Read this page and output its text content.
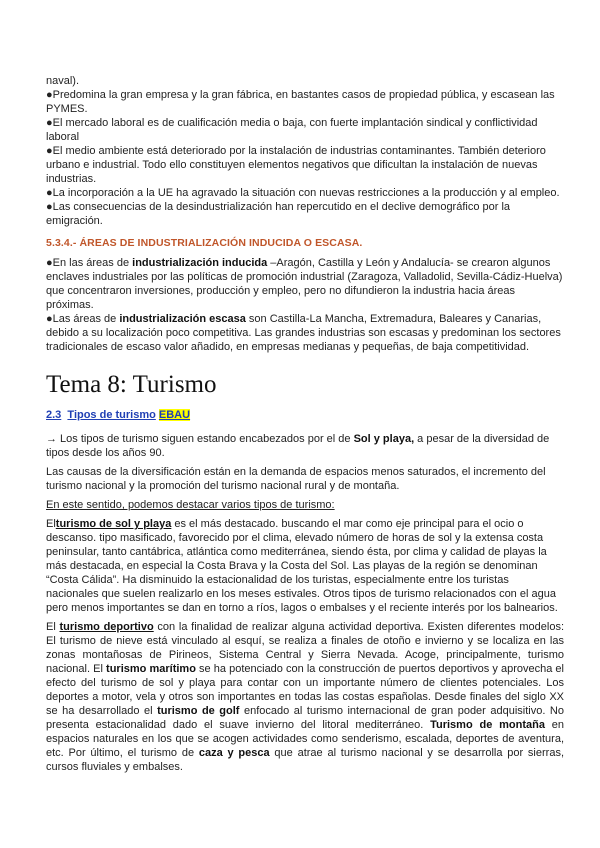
naval).

●Predomina la gran empresa y la gran fábrica, en bastantes casos de propiedad pública, y escasean las
PYMES.

●El mercado laboral es de cualificación media o baja, con fuerte implantación sindical y conflictividad
laboral

●El medio ambiente está deteriorado por la instalación de industrias contaminantes. También deterioro
urbano e industrial. Todo ello constituyen elementos negativos que dificultan la instalación de nuevas
industrias.

●La incorporación a la UE ha agravado la situación con nuevas restricciones a la producción y al empleo.

●Las consecuencias de la desindustrialización han repercutido en el declive demográfico por la
emigración.

5.3.4.- ÁREAS DE INDUSTRIALIZACIÓN INDUCIDA O ESCASA.

●En las áreas de industrialización inducida –Aragón, Castilla y León y Andalucía- se crearon algunos enclaves industriales por las políticas de promoción industrial (Zaragoza, Valladolid, Sevilla-Cádiz-Huelva) que concentraron inversiones, producción y empleo, pero no difundieron la industria hacia áreas próximas.

●Las áreas de industrialización escasa son Castilla-La Mancha, Extremadura, Baleares y Canarias, debido a su localización poco competitiva. Las grandes industrias son escasas y predominan los sectores tradicionales de escaso valor añadido, en empresas medianas y pequeñas, de baja competitividad.

Tema 8: Turismo

2.3 Tipos de turismo EBAU

→ Los tipos de turismo siguen estando encabezados por el de Sol y playa, a pesar de la diversidad de tipos desde los años 90.

Las causas de la diversificación están en la demanda de espacios menos saturados, el incremento del turismo nacional y la promoción del turismo nacional rural y de montaña.

En este sentido, podemos destacar varios tipos de turismo:

Elturismo de sol y playa es el más destacado. buscando el mar como eje principal para el ocio o descanso. tipo masificado, favorecido por el clima, elevado número de horas de sol y la extensa costa peninsular, tanto cantábrica, atlántica como mediterránea, siendo ésta, por clima y calidad de playas la más destacada, en especial la Costa Brava y la Costa del Sol. Las playas de la región se denominan “Costa Cálida”. Ha disminuido la estacionalidad de los turistas, especialmente entre los turistas nacionales que suelen realizarlo en los meses estivales. Otros tipos de turismo relacionados con el agua pero menos importantes se dan en torno a ríos, lagos o embalses y el reciente interés por los balnearios.

El turismo deportivo con la finalidad de realizar alguna actividad deportiva. Existen diferentes modelos: El turismo de nieve está vinculado al esquí, se realiza a finales de otoño e invierno y se localiza en las zonas montañosas de Pirineos, Sistema Central y Sierra Nevada. Acoge, principalmente, turismo nacional. El turismo marítimo se ha potenciado con la construcción de puertos deportivos y aprovecha el efecto del turismo de sol y playa para contar con un importante número de clientes potenciales. Los deportes a motor, vela y otros son importantes en todas las costas españolas. Desde finales del siglo XX se ha desarrollado el turismo de golf enfocado al turismo internacional de gran poder adquisitivo. No presenta estacionalidad dado el suave invierno del litoral mediterráneo. Turismo de montaña en espacios naturales en los que se acogen actividades como senderismo, escalada, deportes de aventura, etc. Por último, el turismo de caza y pesca que atrae al turismo nacional y se desarrolla por sierras, cursos fluviales y embalses.
